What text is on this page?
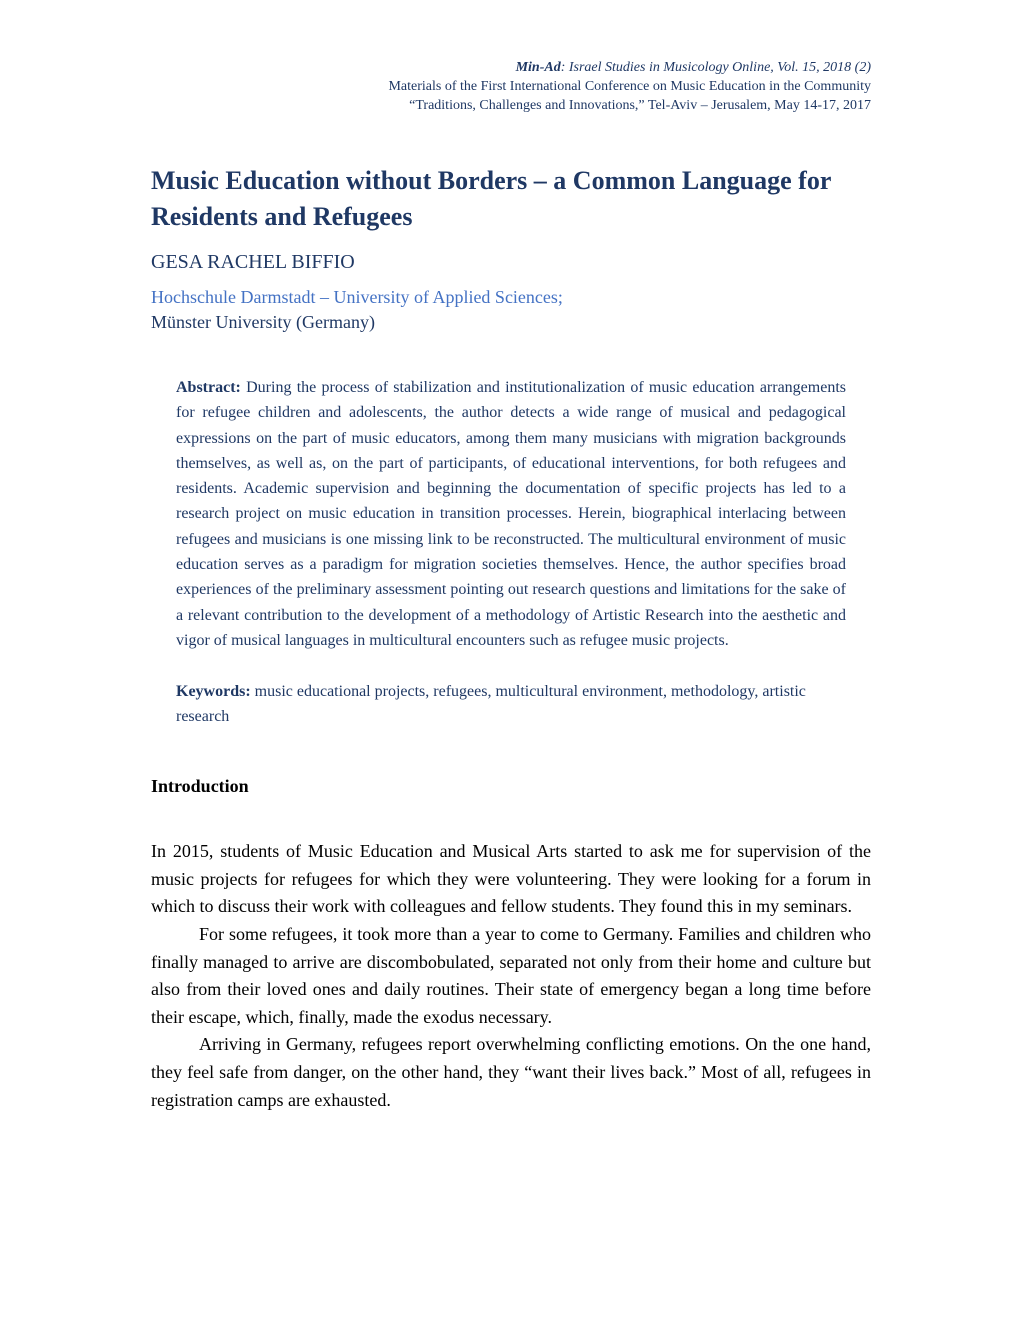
Min-Ad: Israel Studies in Musicology Online, Vol. 15, 2018 (2)
Materials of the First International Conference on Music Education in the Community
“Traditions, Challenges and Innovations,” Tel-Aviv – Jerusalem, May 14-17, 2017
Music Education without Borders – a Common Language for Residents and Refugees
GESA RACHEL BIFFIO
Hochschule Darmstadt – University of Applied Sciences;
Münster University (Germany)
Abstract: During the process of stabilization and institutionalization of music education arrangements for refugee children and adolescents, the author detects a wide range of musical and pedagogical expressions on the part of music educators, among them many musicians with migration backgrounds themselves, as well as, on the part of participants, of educational interventions, for both refugees and residents. Academic supervision and beginning the documentation of specific projects has led to a research project on music education in transition processes. Herein, biographical interlacing between refugees and musicians is one missing link to be reconstructed. The multicultural environment of music education serves as a paradigm for migration societies themselves. Hence, the author specifies broad experiences of the preliminary assessment pointing out research questions and limitations for the sake of a relevant contribution to the development of a methodology of Artistic Research into the aesthetic and vigor of musical languages in multicultural encounters such as refugee music projects.
Keywords: music educational projects, refugees, multicultural environment, methodology, artistic research
Introduction

In 2015, students of Music Education and Musical Arts started to ask me for supervision of the music projects for refugees for which they were volunteering. They were looking for a forum in which to discuss their work with colleagues and fellow students. They found this in my seminars.

For some refugees, it took more than a year to come to Germany. Families and children who finally managed to arrive are discombobulated, separated not only from their home and culture but also from their loved ones and daily routines. Their state of emergency began a long time before their escape, which, finally, made the exodus necessary.

Arriving in Germany, refugees report overwhelming conflicting emotions. On the one hand, they feel safe from danger, on the other hand, they “want their lives back.” Most of all, refugees in registration camps are exhausted.
